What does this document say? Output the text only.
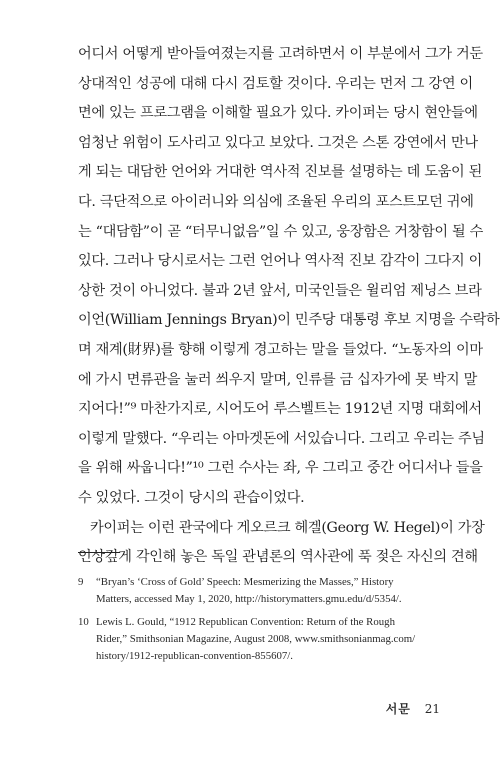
어디서 어떻게 받아들여졌는지를 고려하면서 이 부분에서 그가 거둔
상대적인 성공에 대해 다시 검토할 것이다. 우리는 먼저 그 강연 이
면에 있는 프로그램을 이해할 필요가 있다. 카이퍼는 당시 현안들에
엄청난 위험이 도사리고 있다고 보았다. 그것은 스톤 강연에서 만나
게 되는 대담한 언어와 거대한 역사적 진보를 설명하는 데 도움이 된
다. 극단적으로 아이러니와 의심에 조율된 우리의 포스트모던 귀에
는 “대담함”이 곧 “터무니없음”일 수 있고, 웅장함은 거창함이 될 수
있다. 그러나 당시로서는 그런 언어나 역사적 진보 감각이 그다지 이
상한 것이 아니었다. 불과 2년 앞서, 미국인들은 윌리엄 제닝스 브라
이언(William Jennings Bryan)이 민주당 대통령 후보 지명을 수락하
며 재계(財界)를 향해 이렇게 경고하는 말을 들었다. “노동자의 이마
에 가시 면류관을 눌러 씌우지 말며, 인류를 금 십자가에 못 박지 말
지어다!”⁹ 마찬가지로, 시어도어 루스벨트는 1912년 지명 대회에서
이렇게 말했다. “우리는 아마겟돈에 서있습니다. 그리고 우리는 주님
을 위해 싸웁니다!”¹⁰ 그런 수사는 좌, 우 그리고 중간 어디서나 들을
수 있었다. 그것이 당시의 관습이었다.
카이퍼는 이런 관국에다 게오르크 헤겔(Georg W. Hegel)이 가장
인상깊게 각인해 놓은 독일 관념론의 역사관에 푹 젖은 자신의 견해
9 “Bryan’s ‘Cross of Gold’ Speech: Mesmerizing the Masses,” History
Matters, accessed May 1, 2020, http://historymatters.gmu.edu/d/5354/.
10 Lewis L. Gould, “1912 Republican Convention: Return of the Rough
Rider,” Smithsonian Magazine, August 2008, www.smithsonianmag.com/
history/1912-republican-convention-855607/.
서문 21
